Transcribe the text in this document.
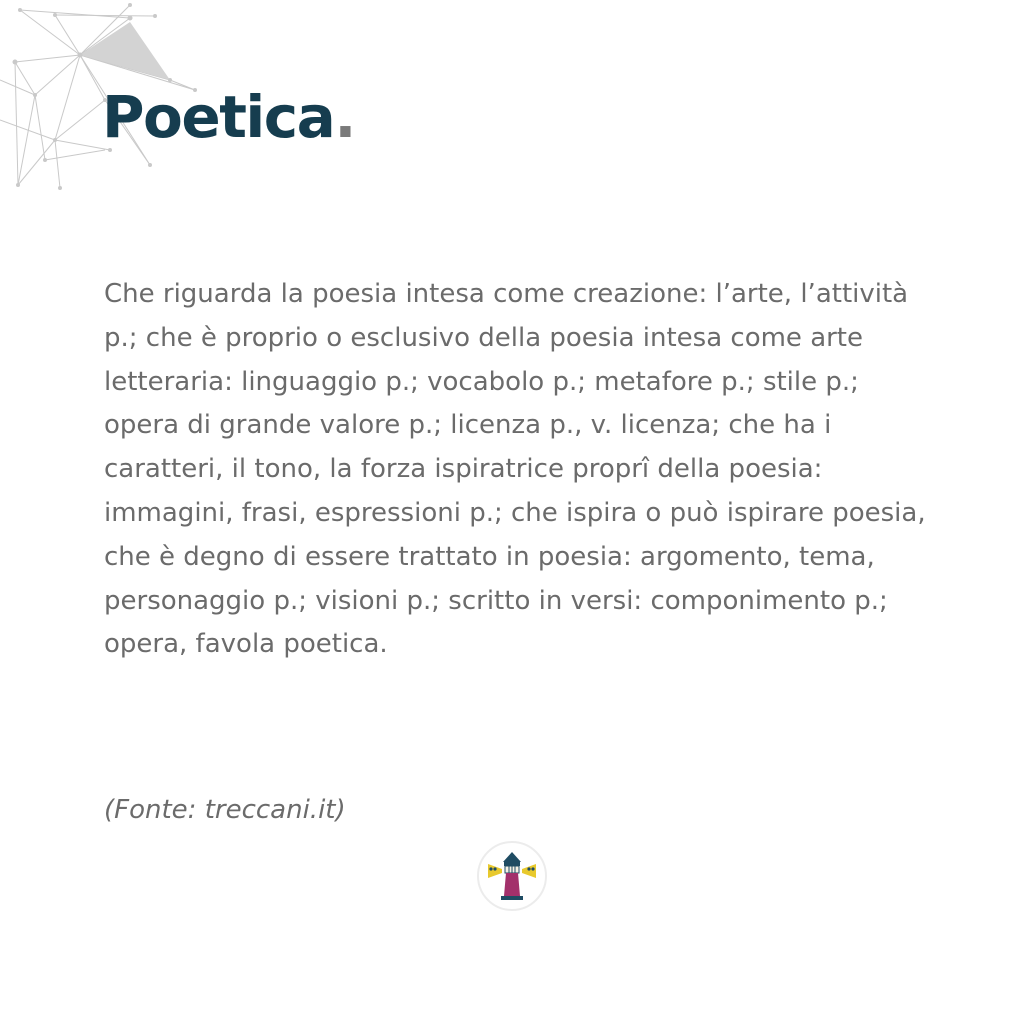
Poetica.

Che riguarda la poesia intesa come creazione: l’arte, l’attività p.; che è proprio o esclusivo della poesia intesa come arte letteraria: linguaggio p.; vocabolo p.; metafore p.; stile p.; opera di grande valore p.; licenza p., v. licenza; che ha i caratteri, il tono, la forza ispiratrice proprî della poesia: immagini, frasi, espressioni p.; che ispira o può ispirare poesia, che è degno di essere trattato in poesia: argomento, tema, personaggio p.; visioni p.; scritto in versi: componimento p.; opera, favola poetica.

(Fonte: treccani.it)
